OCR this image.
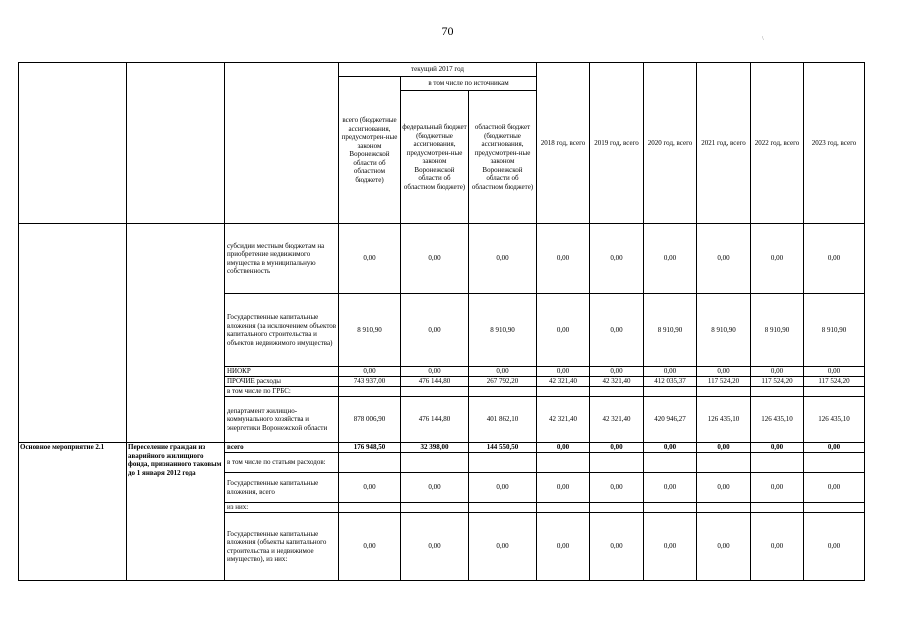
70
\
			текущий 2017 год			2018 год, всего	2019 год, всего	2020 год, всего	2021 год, всего	2022 год, всего	2023 год, всего
			всего (бюджетные ассигнования, предусмотрен-ные законом Воронежской области об областном бюджете)	в том числе по источникам							
				федеральный бюджет (бюджетные ассигнования, предусмотрен-ные законом Воронежской области об областном бюджете)	областной бюджет (бюджетные ассигнования, предусмотрен-ные законом Воронежской области об областном бюджете)						
		субсидии местным бюджетам на приобретение недвижимого имущества в муниципальную собственность	0,00	0,00	0,00	0,00	0,00	0,00	0,00	0,00	0,00
		Государственные капитальные вложения (за исключением объектов капитального строительства и объектов недвижимого имущества)	8 910,90	0,00	8 910,90	0,00	0,00	8 910,90	8 910,90	8 910,90	8 910,90
		НИОКР	0,00	0,00	0,00	0,00	0,00	0,00	0,00	0,00	0,00
		ПРОЧИЕ расходы	743 937,00	476 144,80	267 792,20	42 321,40	42 321,40	412 035,37	117 524,20	117 524,20	117 524,20
		в том числе по ГРБС:									
		департамент жилищно-коммунального хозяйства и энергетики Воронежской области	878 006,90	476 144,80	401 862,10	42 321,40	42 321,40	420 946,27	126 435,10	126 435,10	126 435,10
Основное мероприятие 2.1	Переселение граждан из аварийного жилищного фонда, признанного таковым до 1 января 2012 года	всего	176 948,50	32 398,00	144 550,50	0,00	0,00	0,00	0,00	0,00	0,00
		в том числе по статьям расходов:									
		Государственные капитальные вложения, всего	0,00	0,00	0,00	0,00	0,00	0,00	0,00	0,00	0,00
		из них:									
		Государственные капитальные вложения (объекты капитального строительства и недвижимое имущество), из них:	0,00	0,00	0,00	0,00	0,00	0,00	0,00	0,00	0,00
